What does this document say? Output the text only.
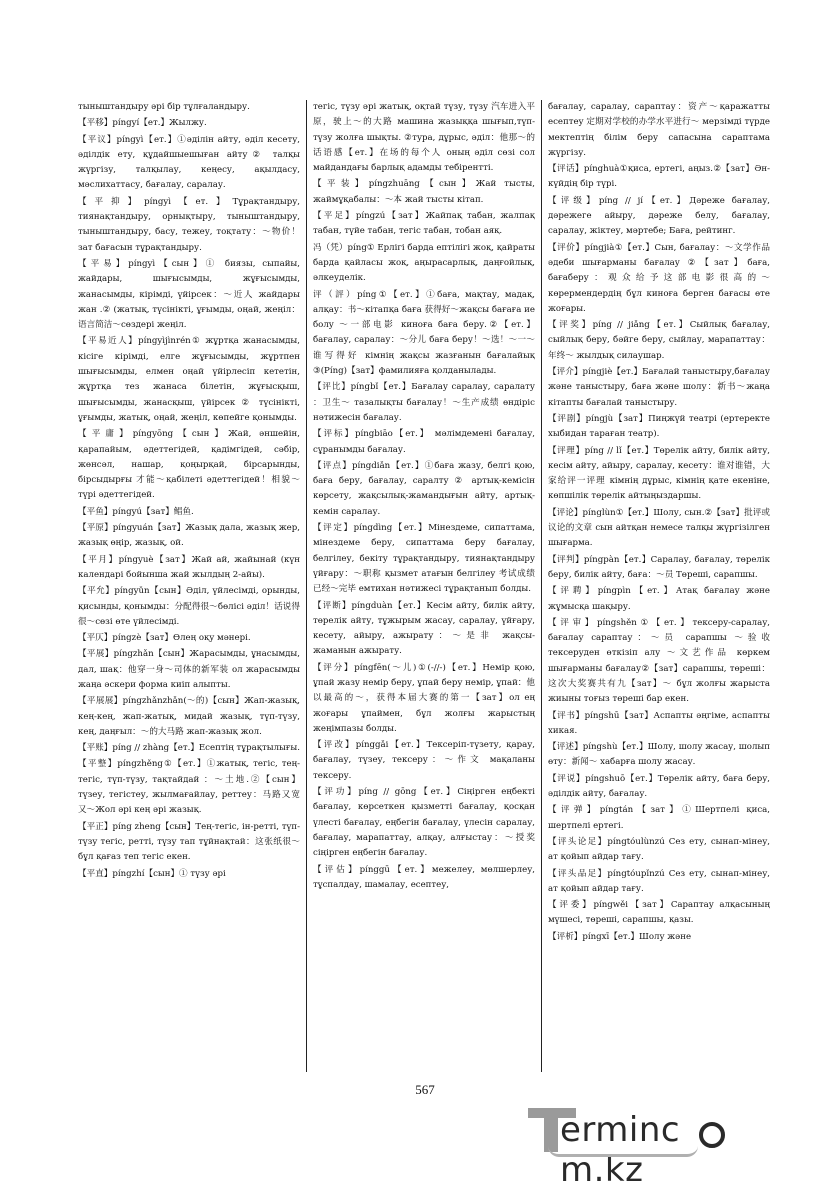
тыныштандыру әрі бір тұлғаландыру.
【平移】píngyí【ет.】Жылжу.
【平议】píngyì【ет.】①әділін айту, әділ кесету, әділдік ету, құдайшыешыған айту② талқы жүргізу, талқылау, кеңесу, ақылдасу, мәслихаттасу, бағалау, саралау.
【平抑】píngyì【ет.】Тұрақтандыру, тиянақтандыру, орнықтыру, тыныштандыру, тыныштандыру, басу, тежеу, тоқтату：～物价！зат бағасын тұрақтандыру.
【平易】píngyì【сын】① биязы, сыпайы, жайдары, шығысымды, жұғысымды, жанасымды, кірімді, үйірсек：～近人 жайдары жан .② (жатық, түсінікті, ұғымды, оңай, жеңіл：语言简洁～сөздері жеңіл.
【平易近人】píngyìjìnrén① жұртқа жанасымды, кісіге кірімді, елге жұғысымды, жұртпен шығысымды, елмен оңай үйірлесіп кететін, жұртқа тез жанаса білетін, жұғысқыш, шығысымды, жанасқыш, үйірсек ② түсінікті, ұғымды, жатық, оңай, жеңіл, көпейге қонымды.
【平庸】píngyōng【сын】Жай, әншейін, қарапайым, әдеттегідей, қадімгідей, сәбір, жөнсәл, нашар, қоңырқай, бірсарынды, бірсыдырғы 才能～қабілеті әдеттегідей！相貌～түрі әдеттегідей.
【平鱼】píngyú【зат】鲳鱼.
【平原】píngyuán【зат】Жазық дала, жазық жер, жазық өңір, жазық, ой.
【平月】píngyuè【зат】Жай ай, жайынай (күн календарі бойынша жай жылдың 2-айы).
【平允】píngyǔn【сын】Әділ, үйлесімді, орынды, қисынды, қонымды：分配得很～бөлісі әділ！话说得很～сөзі өте үйлесімді.
【平仄】píngzè【зат】Өлең оқу мәнері.
【平展】píngzhǎn【сын】Жарасымды, ұнасымды, дал, шақ：他穿一身～司体的新军装 ол жарасымды жаңа әскери форма киіп алыпты.
【平展展】píngzhǎnzhǎn(～的)【сын】Жап-жазық, кең-кең, жап-жатық, мидай жазық, түп-түзу, кең, даңғыл：～的大马路 жап-жазық жол.
【平账】píng // zhàng【ет.】Есептің тұрақтылығы.
【平整】píngzhěng①【ет.】①жатық, тегіс, тең-тегіс, түп-түзу, тақтайдай ：～土地.②【сын】түзеу, тегістеу, жылмағайлау, реттеу：马路又宽又～Жол әрі кең әрі жазық.
【平正】píng zheng【сын】Тең-тегіс, ін-ретті, түп-түзу тегіс, ретті, түзу тап тұйнақтай：这张纸很～бұл қағаз теп тегіс екен.
【平直】píngzhí【сын】① түзу әрі
тегіс, түзу әрі жатық, оқтай түзу, түзу 汽车进入平原，驶上～的大路 машина жазыққа шығып,түп-түзу жолға шықты. ②тура, дұрыс, әділ：他那～的话语感【ет.】在场的每个人 оның әділ сөзі сол майдандағы барлық адамды тебірентті.
【平装】píngzhuāng【сын】Жай тысты, жаймұқабалы：～本 жай тысты кітап.
【平足】píngzú【зат】Жайпақ табан, жалпақ табан, түйе табан, тегіс табан, тобан аяқ.
冯（凭）píng① Ерлігі барда ептілігі жоқ, қайраты барда қайласы жоқ, аңырасарлық, даңғойлық, әлкеуделік.
评（評）píng①【ет.】①баға, мақтау, мадақ, алқау：书～кітапқа баға 获得好～жақсы бағаға ие болу ～一部电影 киноға баға беру.②【ет.】бағалау, саралау：～分儿 баға беру！～选！～一～谁写得好 кімнің жақсы жазғанын бағалайық ③(Píng)【зат】фамилияға қолданылады.
【评比】píngbǐ【ет.】Бағалау саралау, саралату ：卫生～ тазалықты бағалау！～生产成绩 өндіріс нәтижесін бағалау.
【评标】píngbiāo【ет.】 мәлімдемені бағалау, сұранымды бағалау.
【评点】píngdiǎn【ет.】①баға жазу, белгі қою, баға беру, бағалау, саралту ② артық-кемісін көрсету, жақсылық-жамандығын айту, артық-кемін саралау.
【评定】píngdìng【ет.】Мінездеме, сипаттама, мінездеме беру, сипаттама беру бағалау, белгілеу, бекіту тұрақтандыру, тиянақтандыру үйғару：～职称 қызмет атағын белгілеу 考试成绩已经～完毕 емтихан нәтижесі тұрақтанып болды.
【评断】píngduàn【ет.】Кесім айту, билік айту, төрелік айту, тұжырым жасау, саралау, үйғару, кесету, айыру, ажырату：～是非 жақсы-жаманын ажырату.
【评分】píngfēn(～儿)①(-//-)【ет.】Немір қою, ұпай жазу немір беру, ұпай беру немір, ұпай：他以最高的～，获得本届大赛的第一【зат】ол ең жоғары ұпаймен, бұл жолғы жарыстың жеңімпазы болды.
【评改】pínggǎi【ет.】Тексеріп-түзету, қарау, бағалау, түзеу, тексеру：～作文 мақаланы тексеру.
【评功】píng // gōng【ет.】Сіңірген еңбекті бағалау, көрсеткен қызметті бағалау, қосқан үлесті бағалау, еңбегін бағалау, үлесін саралау, бағалау, марапаттау, алқау, алғыстау：～授奖 сіңірген еңбегін бағалау.
【评估】pínggū【ет.】межелеу, мөлшерлеу, тұспалдау, шамалау, есептеу,
бағалау, саралау, сараптау：资产～қаражатты есептеу 定期对学校的办学水平进行～ мерзімді түрде мектептің білім беру сапасына сараптама жүргізу.
【评话】pínghuà①қиса, ертегі, аңыз.②【зат】Ән-күйдің бір түрі.
【评级】píng // jí【ет.】Дәреже бағалау, дәрежеге айыру, дәреже белу, бағалау, саралау, жіктеу, мәртебе; Баға, рейтинг.
【评价】píngjià①【ет.】Сын, бағалау：～文学作品 әдеби шығарманы бағалау ②【зат】баға, бағаберу：观众给予这部电影很高的～ көрермендердің бұл киноға берген бағасы өте жоғары.
【评奖】píng // jiǎng【ет.】Сыйлық бағалау, сыйлық беру, бәйге беру, сыйлау, марапаттау：年终～ жылдық силаушар.
【评介】píngjiè【ет.】Бағалай таныстыру,бағалау және таныстыру, баға және шолу：新书～жаңа кітапты бағалай таныстыру.
【评剧】píngjù【зат】Пиңжүй театрі (ертеректе хыбидан тараған театр).
【评理】píng // lǐ【ет.】Төрелік айту, билік айту, кесім айту, айыру, саралау, кесету：谁对谁错，大家给评一评理 кімнің дұрыс, кімнің қате екеніне, көпшілік төрелік айтыңыздаршы.
【评论】pínglùn①【ет.】Шолу, сын.②【зат】批评或议论的文章 сын айтқан немесе талқы жүргізілген шығарма.
【评判】píngpàn【ет.】Саралау, бағалау, төрелік беру, билік айту, баға：～员 Төреші, сарапшы.
【评聘】píngpìn【ет.】Атақ бағалау және жұмысқа шақыру.
【评审】píngshěn①【ет.】тексеру-саралау, бағалау сараптау：～员 сарапшы ～验收 тексеруден өткізіп алу ～文艺作品 көркем шығарманы бағалау②【зат】сарапшы, төреші：这次大奖赛共有九【зат】～ бұл жолғы жарыста жиыны тоғыз төреші бар екен.
【评书】píngshū【зат】Аспапты әңгіме, аспапты хикая.
【评述】píngshù【ет.】Шолу, шолу жасау, шолып өту：新闻～ хабарға шолу жасау.
【评说】píngshuō【ет.】Төрелік айту, баға беру, әділдік айту, бағалау.
【评弹】píngtán【зат】①Шертпелі қиса, шертпелі ертегі.
【评头论足】píngtóulùnzú Сез ету, сынап-мінеу, ат қойып айдар тағу.
【评头品足】píngtóupǐnzú Сез ету, сынап-мінеу, ат қойып айдар тағу.
【评委】píngwěi【зат】Сараптау алқасының мүшесі, төреші, сарапшы, қазы.
【评析】píngxī【ет.】Шолу және
567
ermincm.kz
